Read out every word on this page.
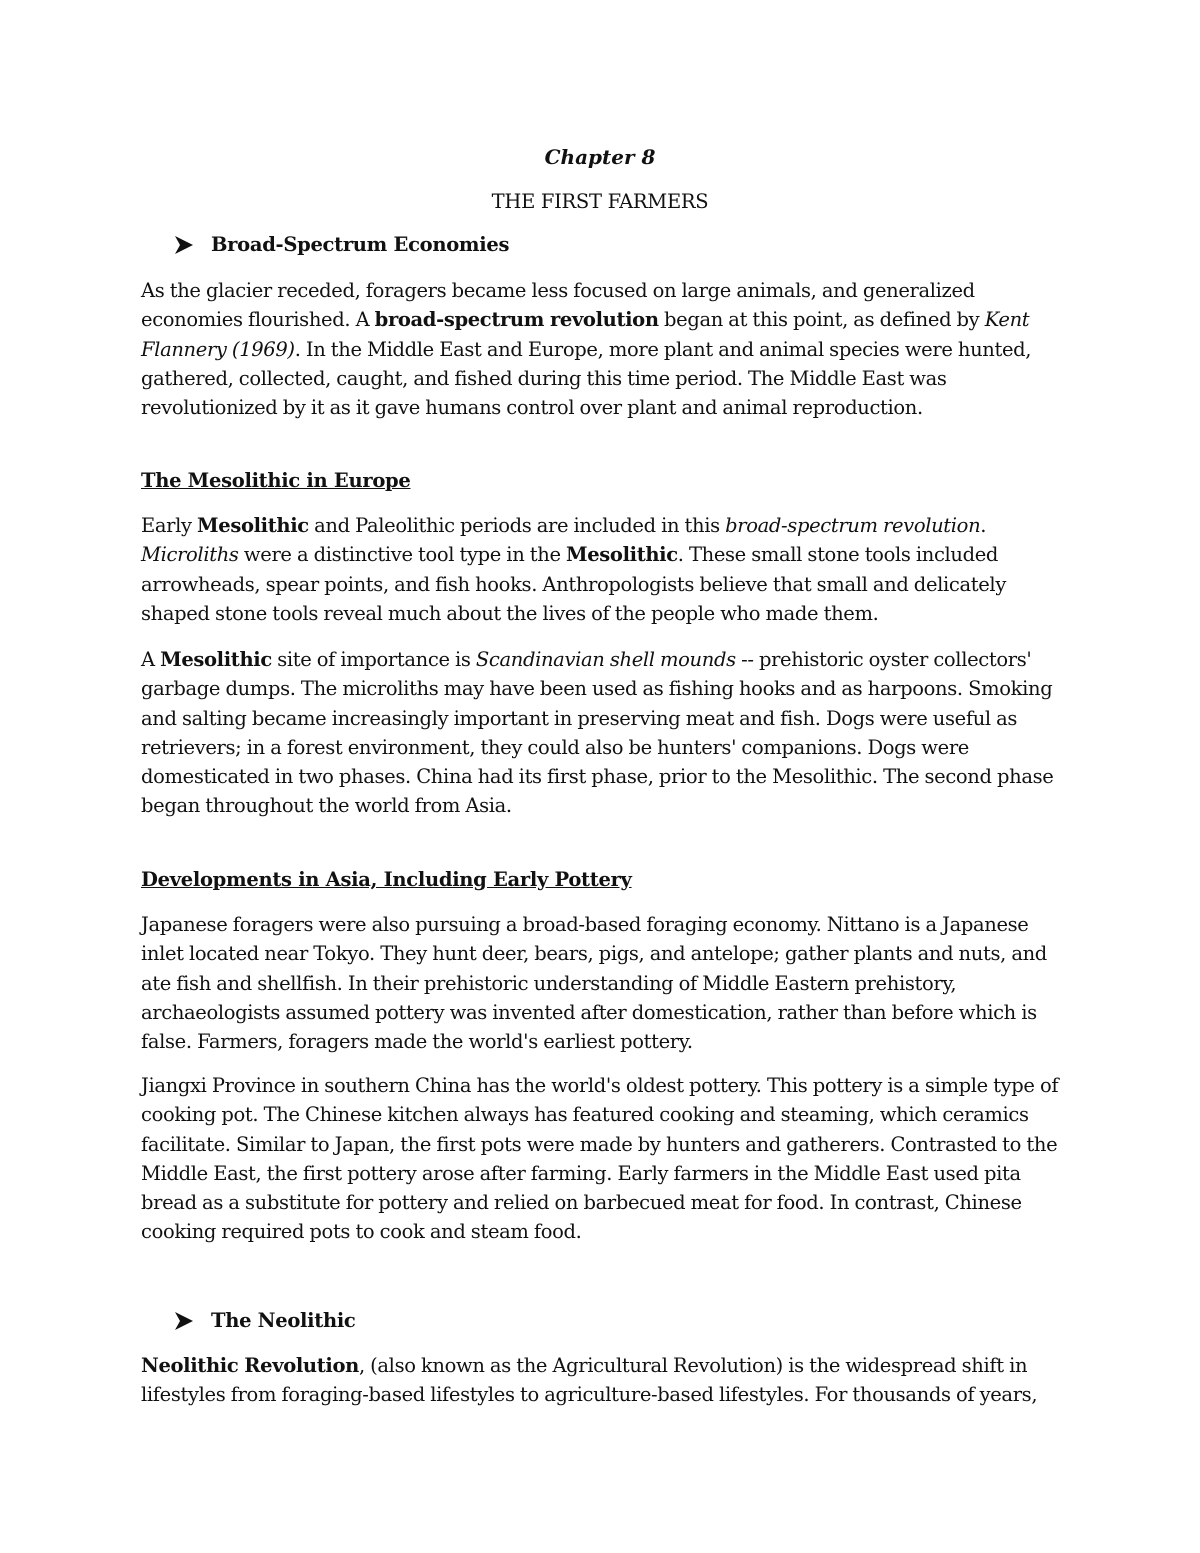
Chapter 8

THE FIRST FARMERS

Broad-Spectrum Economies

As the glacier receded, foragers became less focused on large animals, and generalized economies flourished. A broad-spectrum revolution began at this point, as defined by Kent Flannery (1969). In the Middle East and Europe, more plant and animal species were hunted, gathered, collected, caught, and fished during this time period. The Middle East was revolutionized by it as it gave humans control over plant and animal reproduction.

The Mesolithic in Europe

Early Mesolithic and Paleolithic periods are included in this broad-spectrum revolution. Microliths were a distinctive tool type in the Mesolithic. These small stone tools included arrowheads, spear points, and fish hooks. Anthropologists believe that small and delicately shaped stone tools reveal much about the lives of the people who made them.

A Mesolithic site of importance is Scandinavian shell mounds -- prehistoric oyster collectors' garbage dumps. The microliths may have been used as fishing hooks and as harpoons. Smoking and salting became increasingly important in preserving meat and fish. Dogs were useful as retrievers; in a forest environment, they could also be hunters' companions. Dogs were domesticated in two phases. China had its first phase, prior to the Mesolithic. The second phase began throughout the world from Asia.

Developments in Asia, Including Early Pottery

Japanese foragers were also pursuing a broad-based foraging economy. Nittano is a Japanese inlet located near Tokyo. They hunt deer, bears, pigs, and antelope; gather plants and nuts, and ate fish and shellfish. In their prehistoric understanding of Middle Eastern prehistory, archaeologists assumed pottery was invented after domestication, rather than before which is false. Farmers, foragers made the world's earliest pottery.

Jiangxi Province in southern China has the world's oldest pottery. This pottery is a simple type of cooking pot. The Chinese kitchen always has featured cooking and steaming, which ceramics facilitate. Similar to Japan, the first pots were made by hunters and gatherers. Contrasted to the Middle East, the first pottery arose after farming. Early farmers in the Middle East used pita bread as a substitute for pottery and relied on barbecued meat for food. In contrast, Chinese cooking required pots to cook and steam food.

The Neolithic

Neolithic Revolution, (also known as the Agricultural Revolution) is the widespread shift in lifestyles from foraging-based lifestyles to agriculture-based lifestyles. For thousands of years,
